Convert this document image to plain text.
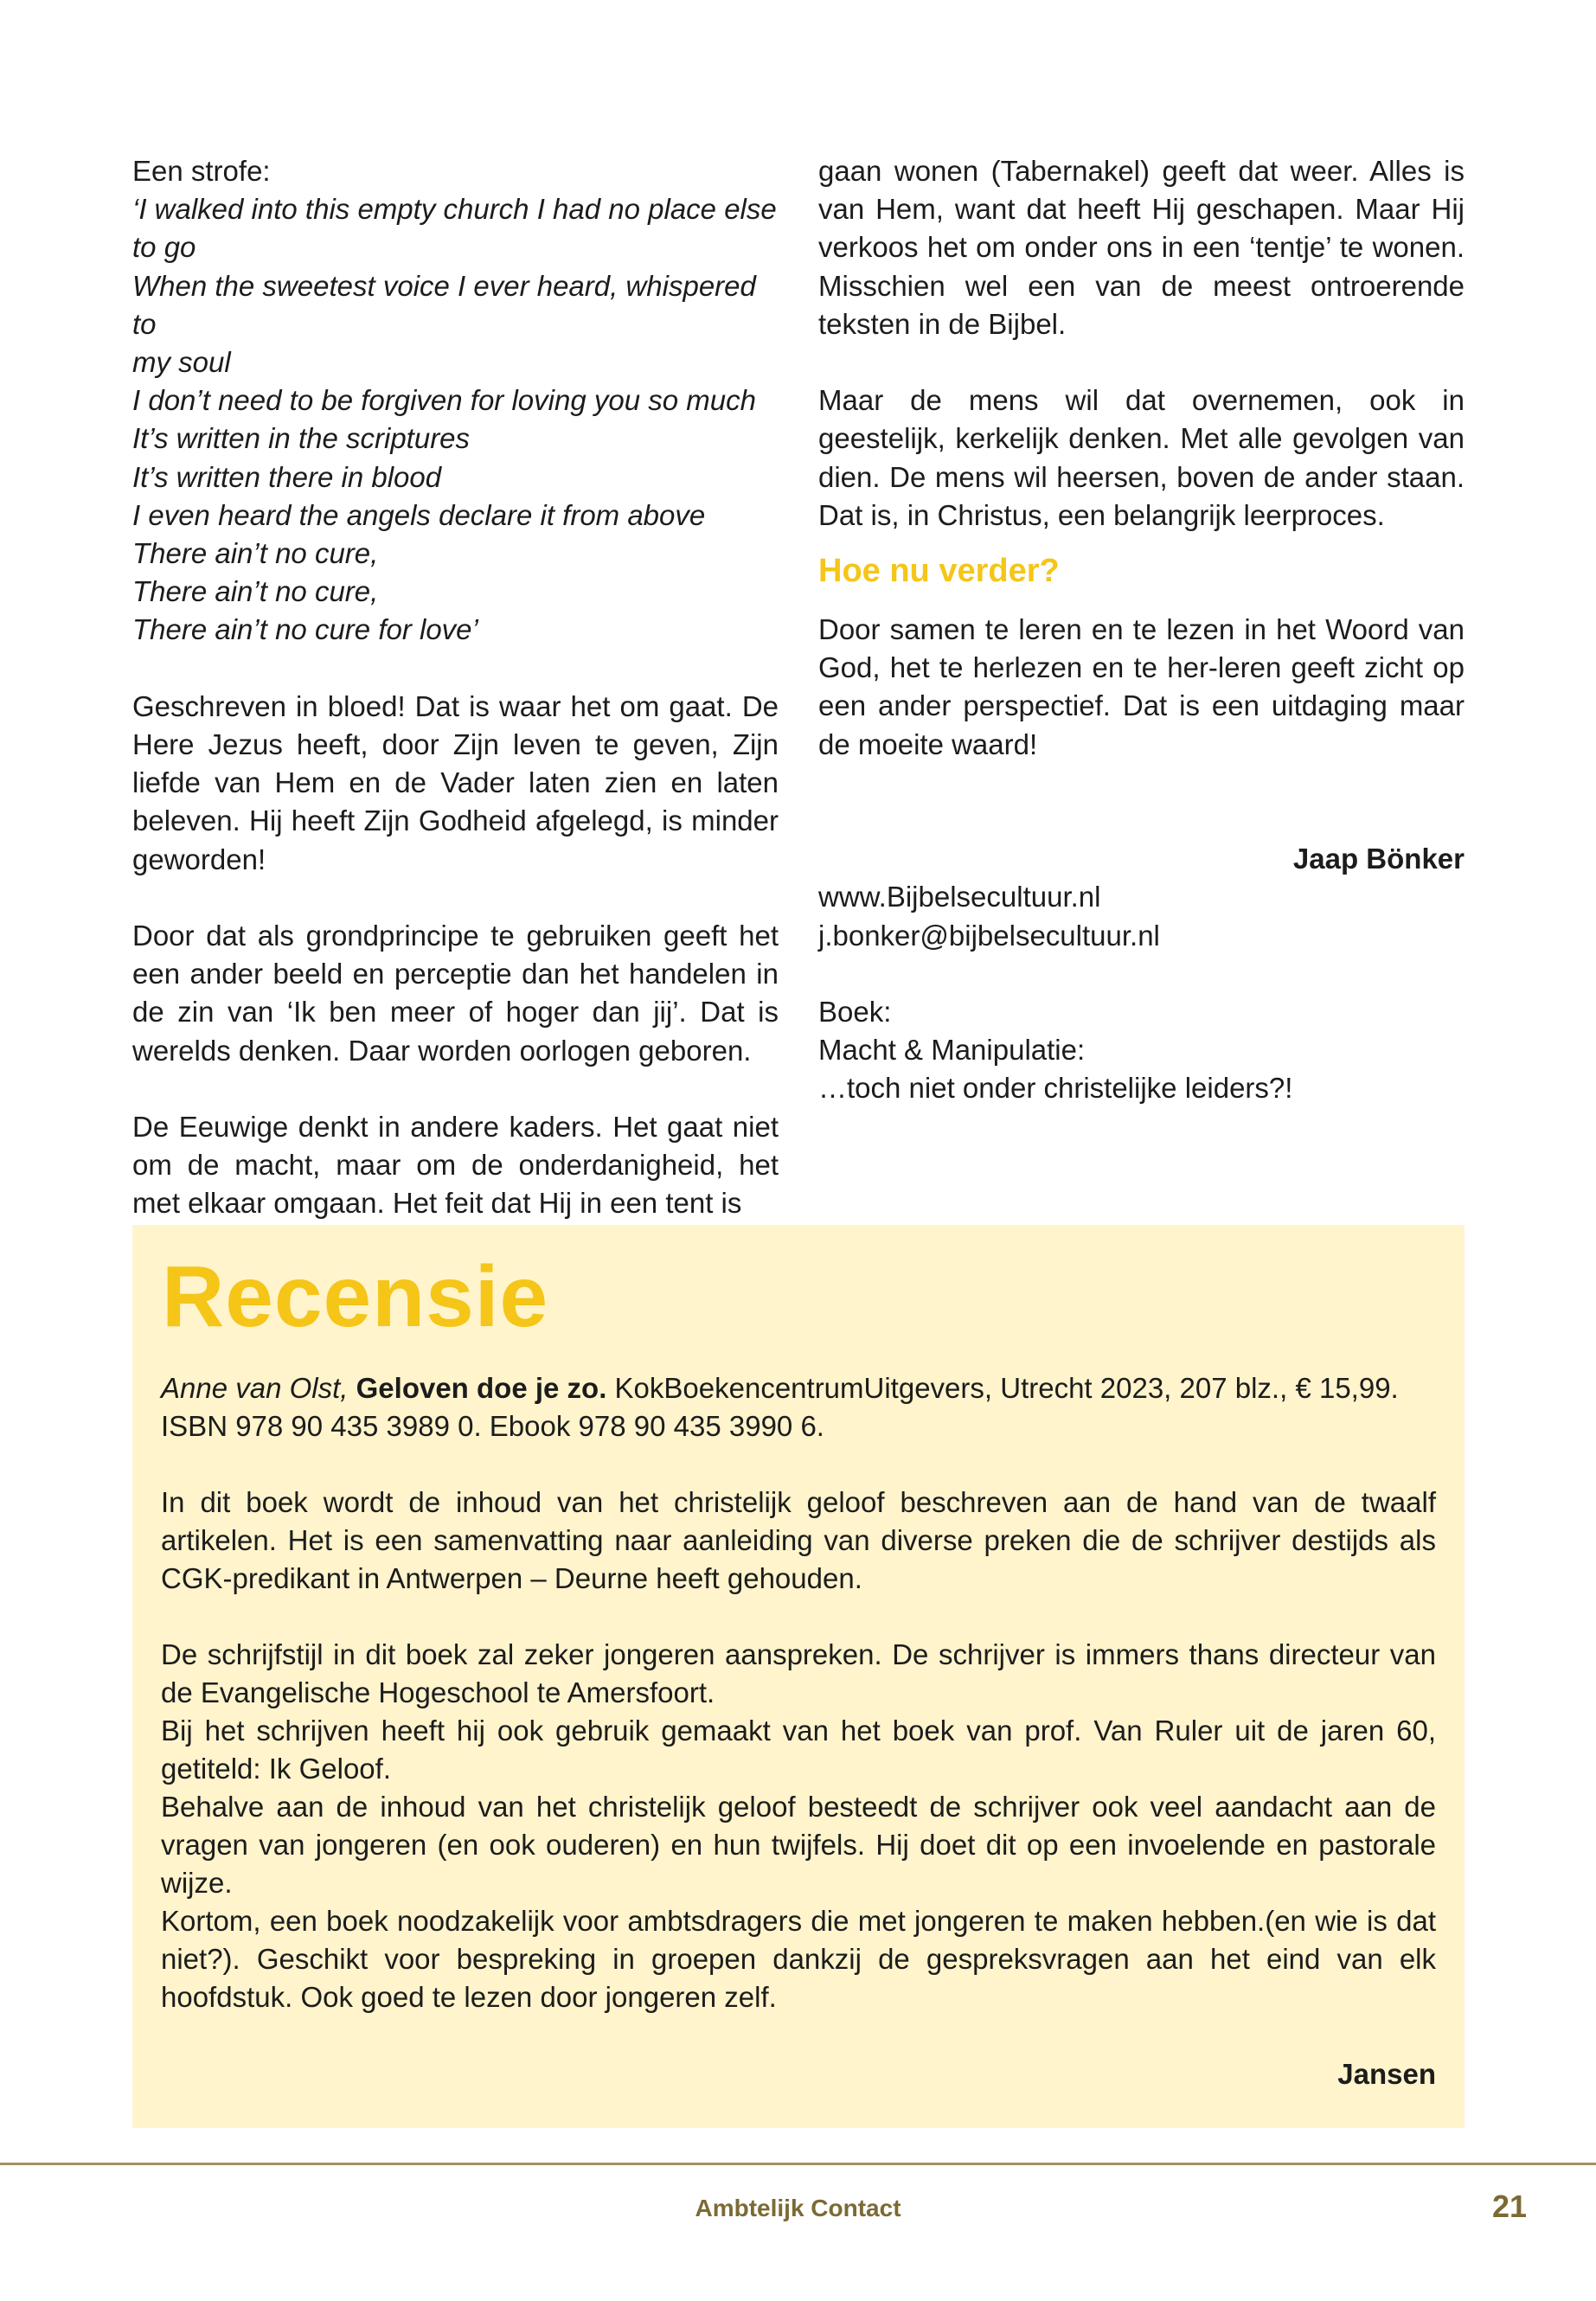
Een strofe:

‘I walked into this empty church I had no place else
to go
When the sweetest voice I ever heard, whispered to
my soul
I don’t need to be forgiven for loving you so much
It’s written in the scriptures
It’s written there in blood
I even heard the angels declare it from above
There ain’t no cure,
There ain’t no cure,
There ain’t no cure for love’

Geschreven in bloed! Dat is waar het om gaat. De Here Jezus heeft, door Zijn leven te geven, Zijn liefde van Hem en de Vader laten zien en laten beleven. Hij heeft Zijn Godheid afgelegd, is minder geworden!

Door dat als grondprincipe te gebruiken geeft het een ander beeld en perceptie dan het handelen in de zin van ‘Ik ben meer of hoger dan jij’. Dat is werelds denken. Daar worden oorlogen geboren.

De Eeuwige denkt in andere kaders. Het gaat niet om de macht, maar om de onderdanigheid, het met elkaar omgaan. Het feit dat Hij in een tent is

gaan wonen (Tabernakel) geeft dat weer. Alles is van Hem, want dat heeft Hij geschapen. Maar Hij verkoos het om onder ons in een ‘tentje’ te wonen. Misschien wel een van de meest ontroerende teksten in de Bijbel.

Maar de mens wil dat overnemen, ook in geestelijk, kerkelijk denken. Met alle gevolgen van dien. De mens wil heersen, boven de ander staan. Dat is, in Christus, een belangrijk leerproces.

Hoe nu verder?

Door samen te leren en te lezen in het Woord van God, het te herlezen en te her-leren geeft zicht op een ander perspectief. Dat is een uitdaging maar de moeite waard!

Jaap Bönker

www.Bijbelsecultuur.nl

j.bonker@bijbelsecultuur.nl

Boek:

Macht & Manipulatie:

…toch niet onder christelijke leiders?!

Recensie

Anne van Olst, Geloven doe je zo. KokBoekencentrumUitgevers, Utrecht 2023, 207 blz., € 15,99.

ISBN 978 90 435 3989 0. Ebook 978 90 435 3990 6.

In dit boek wordt de inhoud van het christelijk geloof beschreven aan de hand van de twaalf artikelen. Het is een samenvatting naar aanleiding van diverse preken die de schrijver destijds als CGK-predikant in Antwerpen – Deurne heeft gehouden.

De schrijfstijl in dit boek zal zeker jongeren aanspreken. De schrijver is immers thans directeur van de Evangelische Hogeschool te Amersfoort.

Bij het schrijven heeft hij ook gebruik gemaakt van het boek van prof. Van Ruler uit de jaren 60, getiteld: Ik Geloof.

Behalve aan de inhoud van het christelijk geloof besteedt de schrijver ook veel aandacht aan de vragen van jongeren (en ook ouderen) en hun twijfels. Hij doet dit op een invoelende en pastorale wijze.

Kortom, een boek noodzakelijk voor ambtsdragers die met jongeren te maken hebben.(en wie is dat niet?). Geschikt voor bespreking in groepen dankzij de gespreksvragen aan het eind van elk hoofdstuk. Ook goed te lezen door jongeren zelf.

Jansen

Ambtelijk Contact	21
